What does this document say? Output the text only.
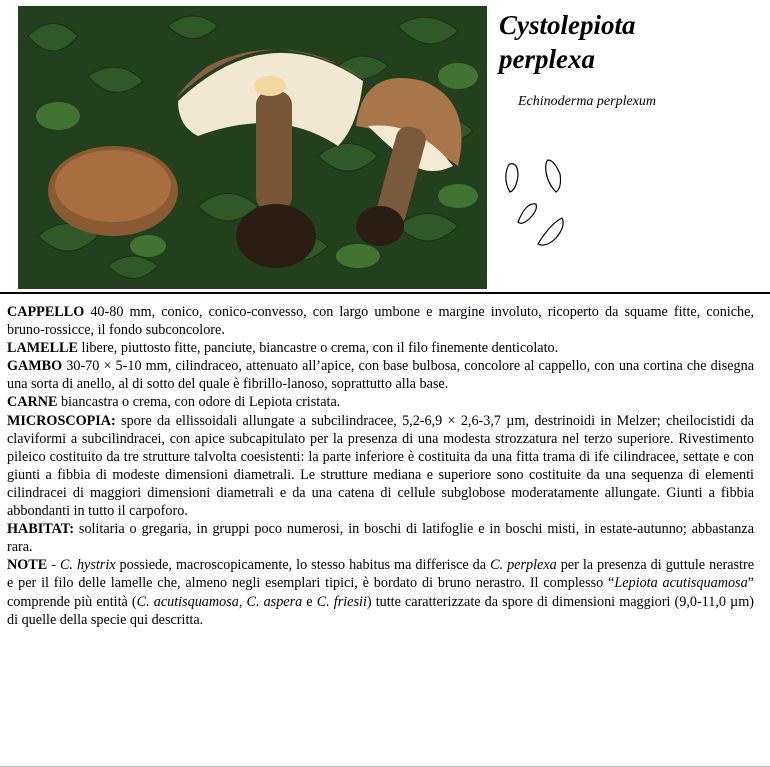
Cystolepiota
perplexa
Echinoderma perplexum

CAPPELLO 40-80 mm, conico, conico-convesso, con largo umbone e margine involuto, ricoperto da squame fitte, coniche, bruno-rossicce, il fondo subconcolore.

LAMELLE libere, piuttosto fitte, panciute, biancastre o crema, con il filo finemente denticolato.

GAMBO 30-70 × 5-10 mm, cilindraceo, attenuato all’apice, con base bulbosa, concolore al cappello, con una cortina che disegna una sorta di anello, al di sotto del quale è fibrillo-lanoso, soprattutto alla base.

CARNE biancastra o crema, con odore di Lepiota cristata.

MICROSCOPIA: spore da ellissoidali allungate a subcilindracee, 5,2-6,9 × 2,6-3,7 µm, destrinoidi in Melzer; cheilocistidi da claviformi a subcilindracei, con apice subcapitulato per la presenza di una modesta strozzatura nel terzo superiore. Rivestimento pileico costituito da tre strutture talvolta coesistenti: la parte inferiore è costituita da una fitta trama di ife cilindracee, settate e con giunti a fibbia di modeste dimensioni diametrali. Le strutture mediana e superiore sono costituite da una sequenza di elementi cilindracei di maggiori dimensioni diametrali e da una catena di cellule subglobose moderatamente allungate. Giunti a fibbia abbondanti in tutto il carpoforo.

HABITAT: solitaria o gregaria, in gruppi poco numerosi, in boschi di latifoglie e in boschi misti, in estate-autunno; abbastanza rara.

NOTE - C. hystrix possiede, macroscopicamente, lo stesso habitus ma differisce da C. perplexa per la presenza di guttule nerastre e per il filo delle lamelle che, almeno negli esemplari tipici, è bordato di bruno nerastro. Il complesso “Lepiota acutisquamosa” comprende più entità (C. acutisquamosa, C. aspera e C. friesii) tutte caratterizzate da spore di dimensioni maggiori (9,0-11,0 µm) di quelle della specie qui descritta.
